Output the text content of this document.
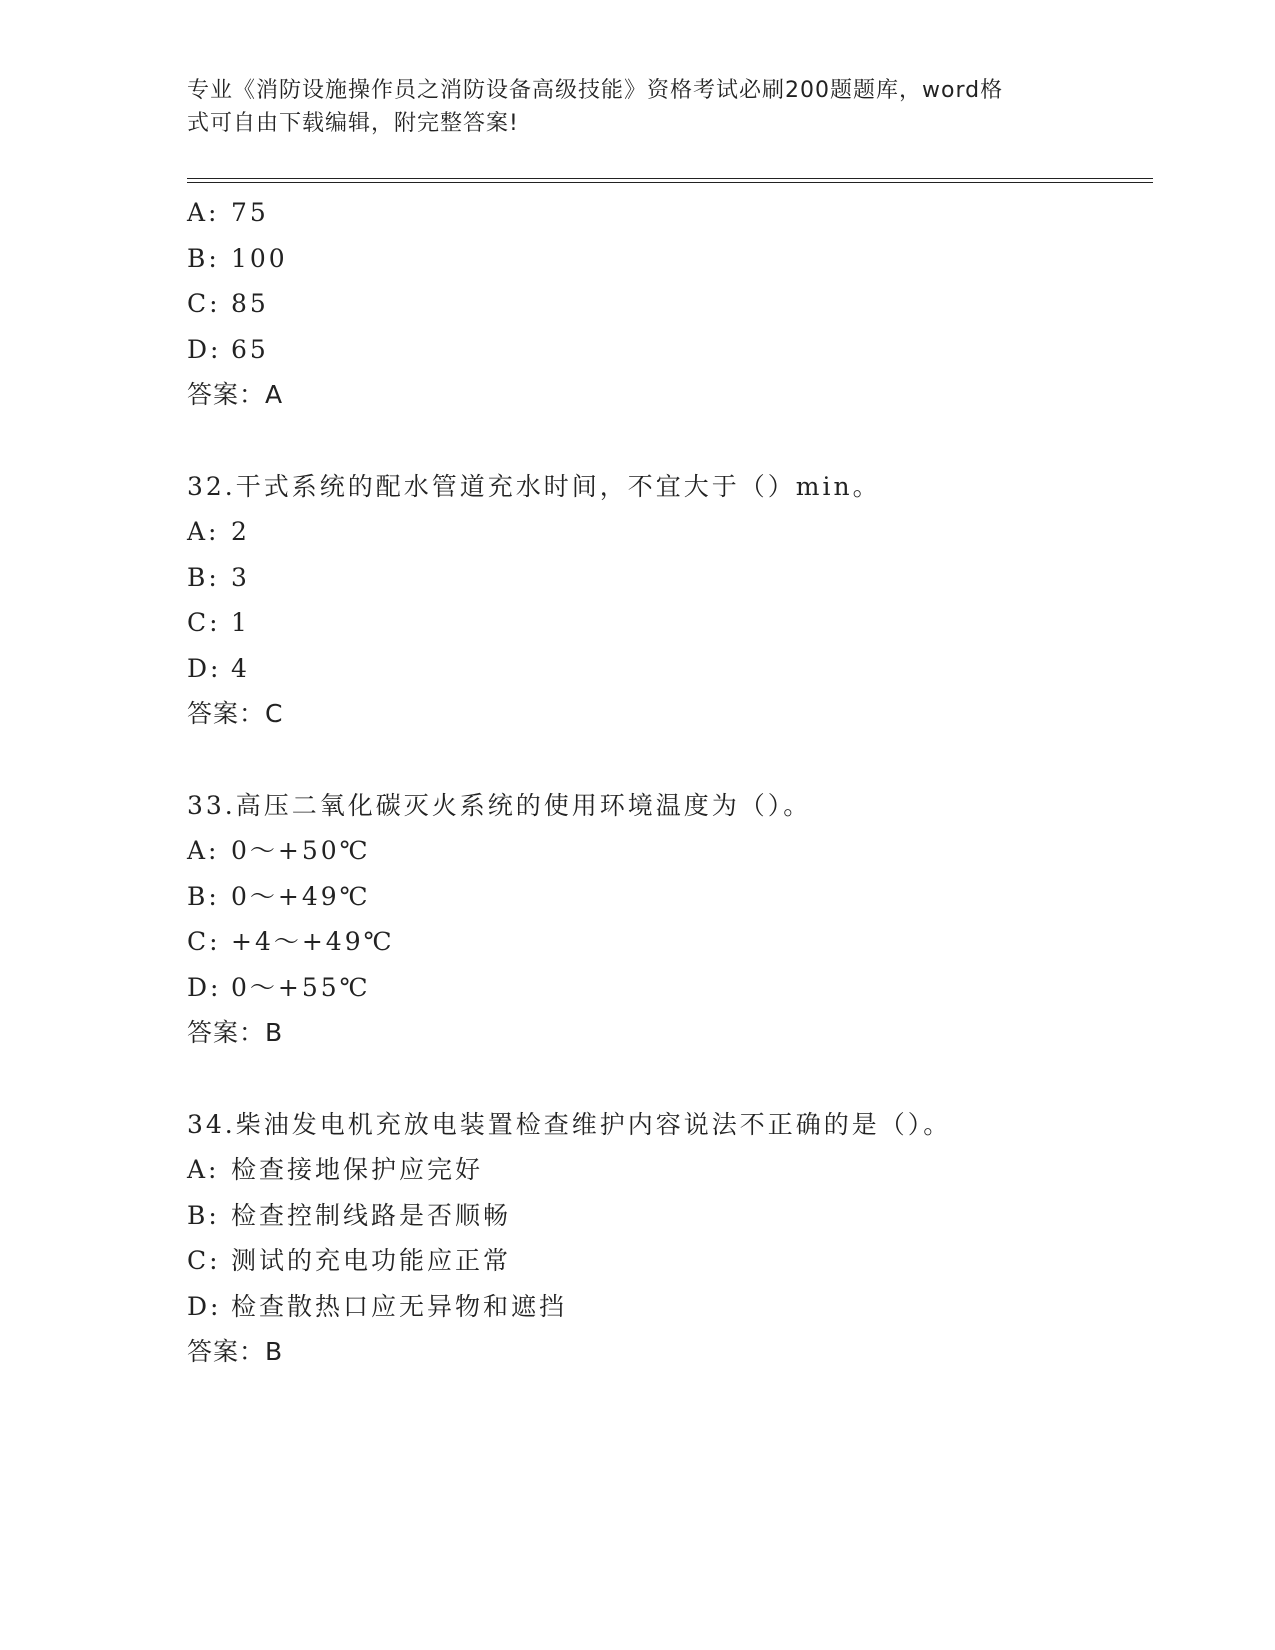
专业《消防设施操作员之消防设备高级技能》资格考试必刷200题题库，word格
式可自由下载编辑，附完整答案!
A: 75
B: 100
C: 85
D: 65
答案：A
32.干式系统的配水管道充水时间，不宜大于（）min。
A: 2
B: 3
C: 1
D: 4
答案：C
33.高压二氧化碳灭火系统的使用环境温度为（）。
A: 0～+50℃
B: 0～+49℃
C: +4～+49℃
D: 0～+55℃
答案：B
34.柴油发电机充放电装置检查维护内容说法不正确的是（）。
A: 检查接地保护应完好
B: 检查控制线路是否顺畅
C: 测试的充电功能应正常
D: 检查散热口应无异物和遮挡
答案：B
